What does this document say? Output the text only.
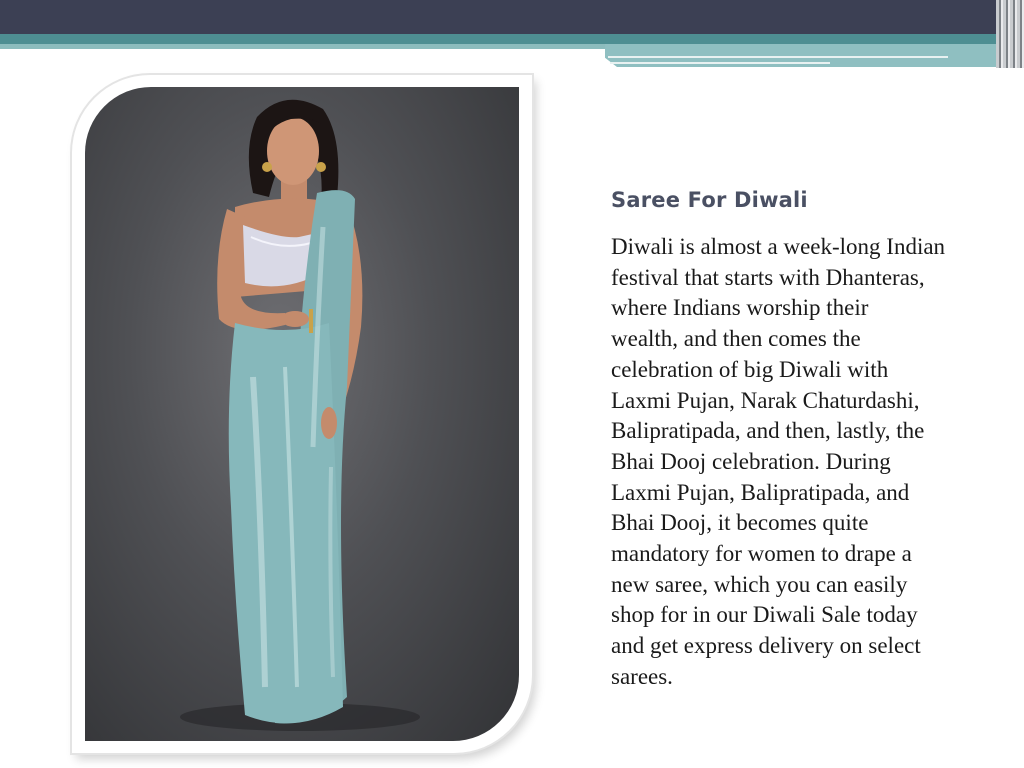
Saree For Diwali
Diwali is almost a week-long Indian
festival that starts with Dhanteras,
where Indians worship their
wealth, and then comes the
celebration of big Diwali with
Laxmi Pujan, Narak Chaturdashi,
Balipratipada, and then, lastly, the
Bhai Dooj celebration. During
Laxmi Pujan, Balipratipada, and
Bhai Dooj, it becomes quite
mandatory for women to drape a
new saree, which you can easily
shop for in our Diwali Sale today
and get express delivery on select
sarees.
